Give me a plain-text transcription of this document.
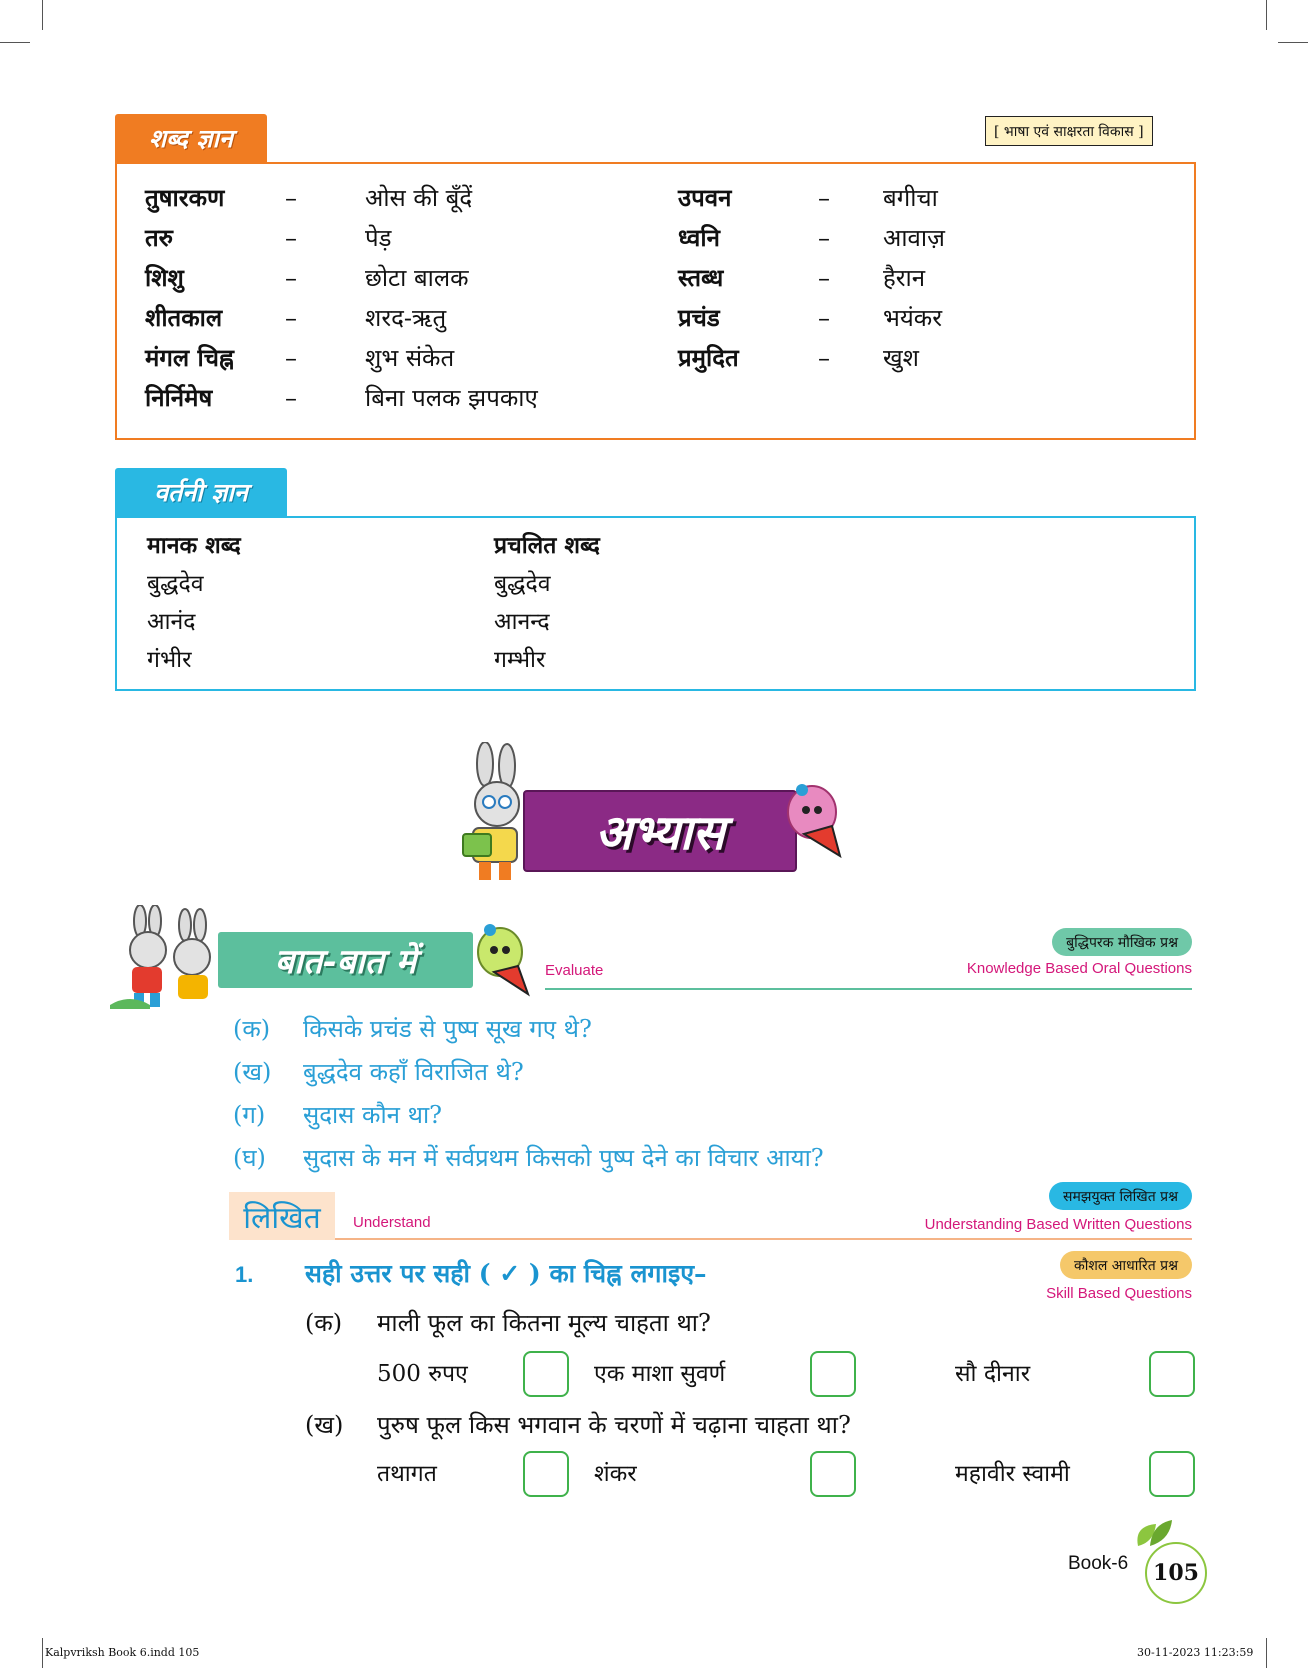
शब्द ज्ञान	[ भाषा एवं साक्षरता विकास ]
तुषारकण	–	ओस की बूँदें
तरु	–	पेड़
शिशु	–	छोटा बालक
शीतकाल	–	शरद-ऋतु
मंगल चिह्न	–	शुभ संकेत
निर्निमेष	–	बिना पलक झपकाए
उपवन	–	बगीचा
ध्वनि	–	आवाज़
स्तब्ध	–	हैरान
प्रचंड	–	भयंकर
प्रमुदित	–	खुश
वर्तनी ज्ञान
मानक शब्द	प्रचलित शब्द
बुद्धदेव	बुद्धदेव
आनंद	आनन्द
गंभीर	गम्भीर
अभ्यास
बात-बात में	Evaluate
बुद्धिपरक मौखिक प्रश्न
Knowledge Based Oral Questions
(क) किसके प्रचंड से पुष्प सूख गए थे?
(ख) बुद्धदेव कहाँ विराजित थे?
(ग) सुदास कौन था?
(घ) सुदास के मन में सर्वप्रथम किसको पुष्प देने का विचार आया?
समझयुक्त लिखित प्रश्न
लिखित	Understand	Understanding Based Written Questions
कौशल आधारित प्रश्न
Skill Based Questions
1. सही उत्तर पर सही ( ✓ ) का चिह्न लगाइए–
(क) माली फूल का कितना मूल्य चाहता था?
500 रुपए	एक माशा सुवर्ण	सौ दीनार
(ख) पुरुष फूल किस भगवान के चरणों में चढ़ाना चाहता था?
तथागत	शंकर	महावीर स्वामी
Book-6	105
Kalpvriksh Book 6.indd 105	30-11-2023 11:23:59
